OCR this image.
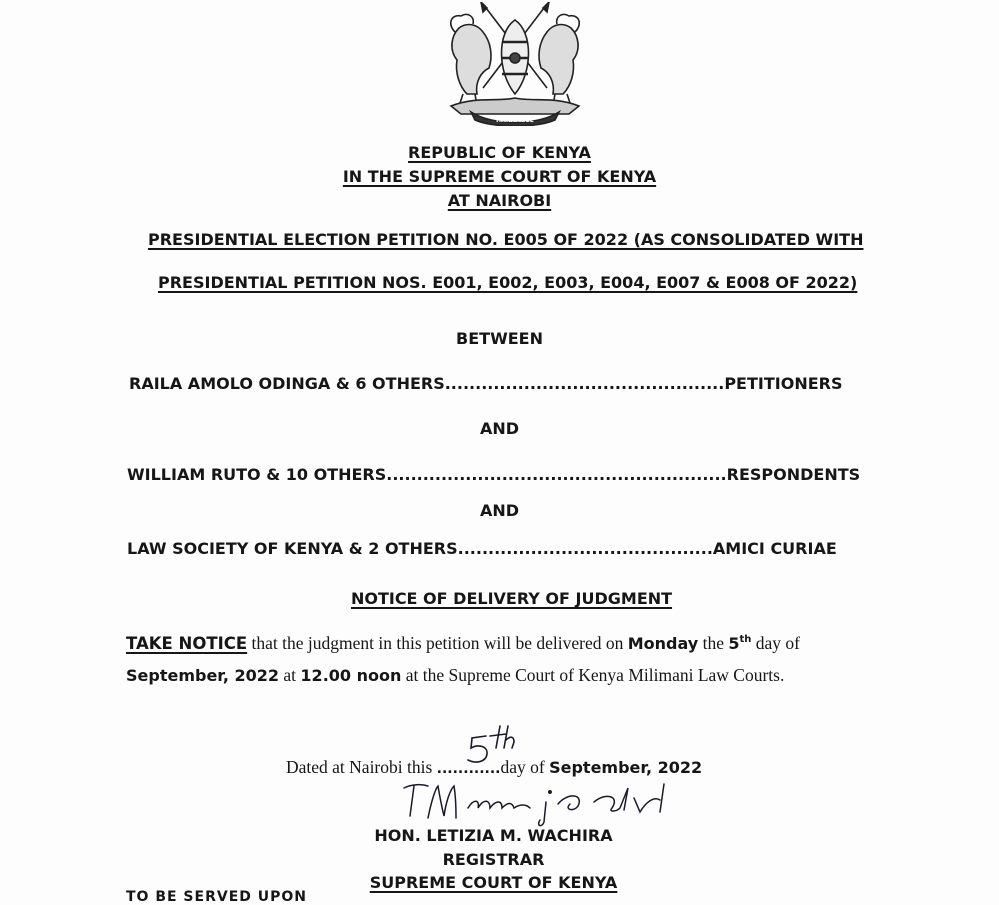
HARAMBEE
REPUBLIC OF KENYA
IN THE SUPREME COURT OF KENYA
AT NAIROBI
PRESIDENTIAL ELECTION PETITION NO. E005 OF 2022 (AS CONSOLIDATED WITH
PRESIDENTIAL PETITION NOS. E001, E002, E003, E004, E007 & E008 OF 2022)
BETWEEN
RAILA AMOLO ODINGA & 6 OTHERS..............................................PETITIONERS
AND
WILLIAM RUTO & 10 OTHERS........................................................RESPONDENTS
AND
LAW SOCIETY OF KENYA & 2 OTHERS..........................................AMICI CURIAE
NOTICE OF DELIVERY OF JUDGMENT
TAKE NOTICE that the judgment in this petition will be delivered on Monday the 5th day of
September, 2022 at 12.00 noon at the Supreme Court of Kenya Milimani Law Courts.
Dated at Nairobi this ............day of September, 2022
HON. LETIZIA M. WACHIRA
REGISTRAR
SUPREME COURT OF KENYA
TO BE SERVED UPON
